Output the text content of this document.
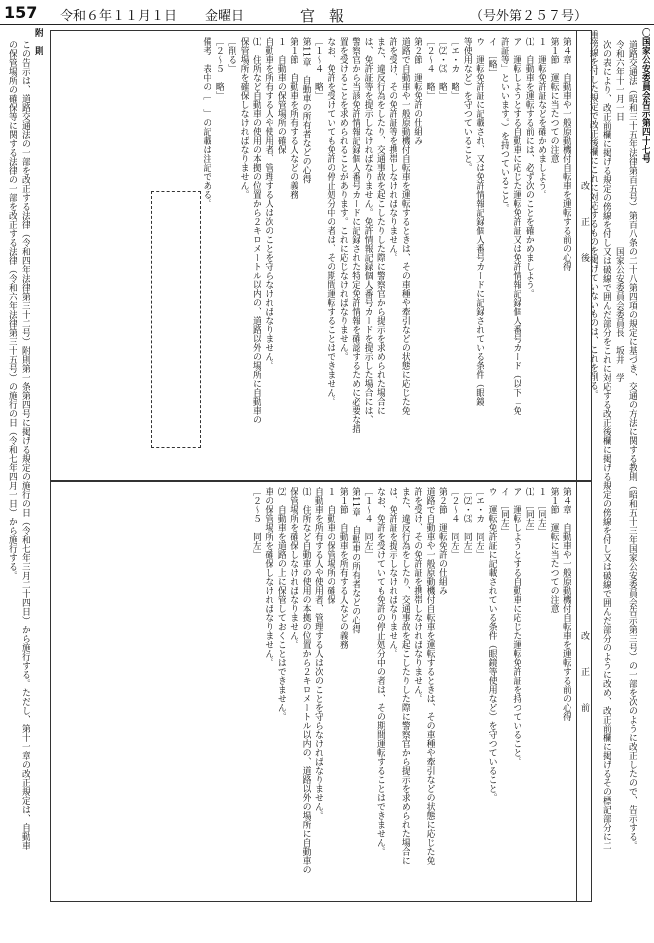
157 令和６年１１月１日 金曜日	官報	（号外第２５７号）
〇国家公安委員会告示第四十七号
道路交通法（昭和三十五年法律第百五号）第百八条の二十八第四項の規定に基づき、交通の方法に関する教則（昭和五十三年国家公安委員会告示第三号）の一部を次のように改正したので、告示する。
令和六年十一月一日　　　　　　　　　　　　　　国家公安委員会委員長　坂井　学
次の表により、改正前欄に掲げる規定の傍線を付し又は破線で囲んだ部分をこれに対応する改正後欄に掲げる規定の傍線を付し又は破線で囲んだ部分のように改め、改正前欄に掲げるその標記部分に二
重傍線を付した規定で改正後欄にこれに対応するものを掲げていないものは、これを削る。
改　　　正　　　後
第４章　自動車や一般原動機付自転車を運転する前の心得
第１節　運転に当たつての注意
１　運転免許証などを確かめましよう。
⑴　自動車を運転する前には、必ず次のことを確かめましよう。
ア　運転しようとする自動車に応じた運転免許証又は免許情報記録個人番号カード（以下「免
許証等」といいます。）を持つていること。
イ　［略］
ウ　運転免許証に記載され、又は免許情報記録個人番号カードに記録されている条件（眼鏡
等使用など）を守つていること。
［エ・カ　略］
［⑵・⑶　略］
［２〜４　略］
第２節　運転免許の仕組み
道路で自動車や一般原動機付自転車を運転するときは、その車種や牽引などの状態に応じた免
許を受け、その免許証等を携帯しなければなりません。
また、違反行為をしたり、交通事故を起こしたりした際に警察官から提示を求められた場合に
は、免許証等を提示しなければなりません。免許情報記録個人番号カードを提示した場合には、
警察官から当該免許情報記録個人番号カードに記録された特定免許情報を確認するために必要な措
置を受けることを求められることがあります。これに応じなければなりません。
なお、免許を受けていても免許の停止処分中の者は、その期間運転することはできません。
［１〜４　略］
第11章　自動車の所有者などの心得
第１節　自動車を所有する人などの義務
１　自動車の保管場所の確保
自動車を所有する人や使用者、管理する人は次のことを守らなければなりません。
⑴　住所など自動車の使用の本拠の位置から２キロメートル以内の、道路以外の場所に自動車の
保管場所を確保しなければなりません。
［削る］
［２〜５　略］
備考　表中の［　］の記載は注記である。
改　　　正　　　前
第４章　自動車や一般原動機付自転車を運転する前の心得
第１節　運転に当たつての注意
１　［同左］
⑴　［同左］
ア　運転しようとする自動車に応じた運転免許証を持つていること。
イ　［同左］
ウ　運転免許証に記載されている条件（眼鏡等使用など）を守つていること。
［エ・カ　同左］
［⑵・⑶　同左］
［２〜４　同左］
第２節　運転免許の仕組み
道路で自動車や一般原動機付自転車を運転するときは、その車種や牽引などの状態に応じた免
許を受け、その免許証を携帯しなければなりません。
また、違反行為をしたり、交通事故を起こしたりした際に警察官から提示を求められた場合に
は、免許証を提示しなければなりません。
なお、免許を受けていても免許の停止処分中の者は、その期間運転することはできません。
［１〜４　同左］
第11章　自動車の所有者などの心得
第１節　自動車を所有する人などの義務
１　自動車の保管場所の確保
自動車を所有する人や使用者、管理する人は次のことを守らなければなりません。
⑴　住所など自動車の使用の本拠の位置から２キロメートル以内の、道路以外の場所に自動車の
保管場所を確保しなければなりません。
⑵　自動車を道路の上に保管しておくことはできません。
車の保管場所を確保しなければなりません。
［２〜５　同左］
附　則
この告示は、道路交通法の一部を改正する法律（令和四年法律第三十二号）附則第一条第四号に掲げる規定の施行の日（令和七年三月二十四日）から施行する。ただし、第十一章の改正規定は、自動車
の保管場所の確保等に関する法律の一部を改正する法律（令和六年法律第三十五号）の施行の日（令和七年四月一日）から施行する。
